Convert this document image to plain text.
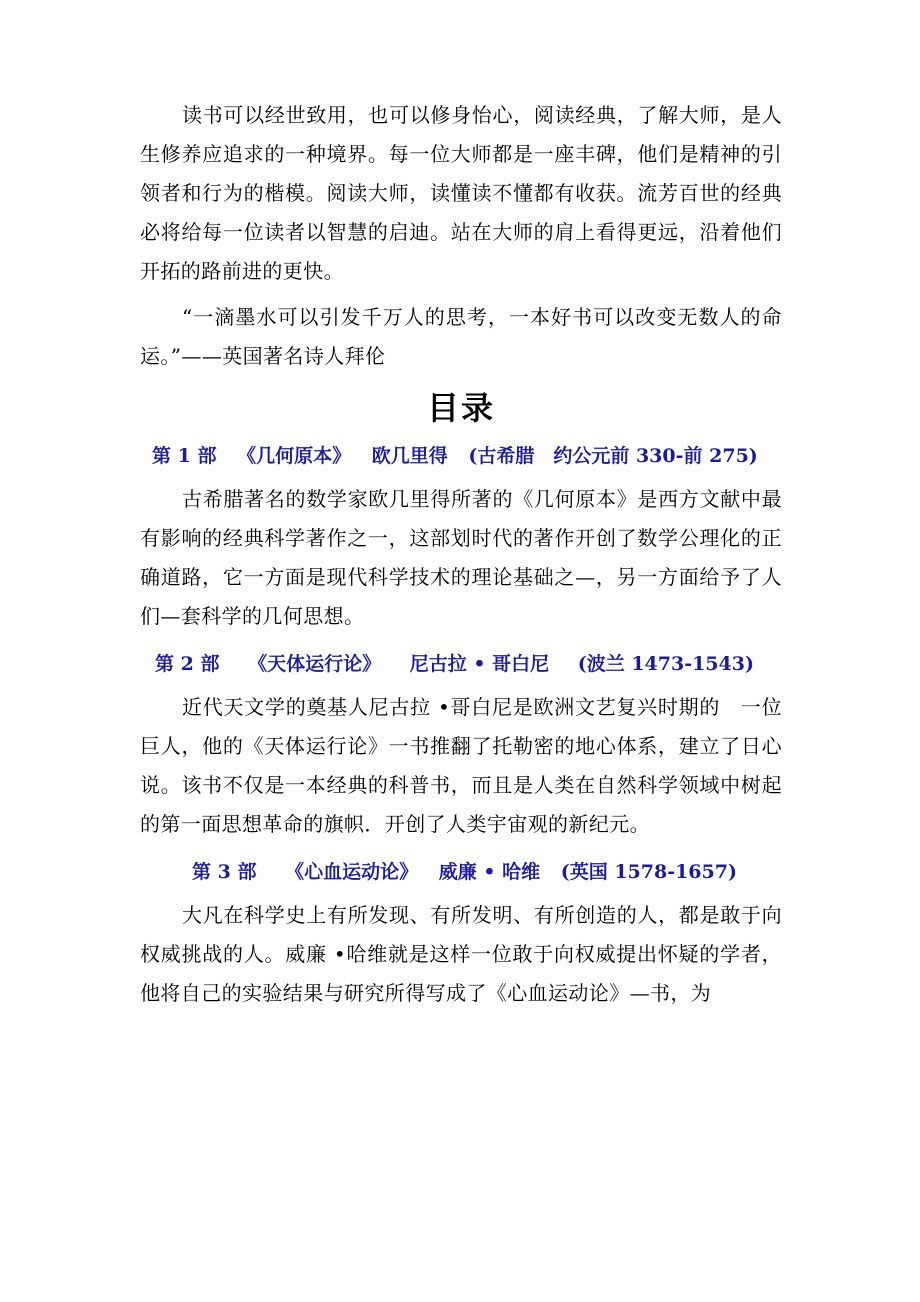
读书可以经世致用，也可以修身怡心，阅读经典，了解大师，是人生修养应追求的一种境界。每一位大师都是一座丰碑，他们是精神的引领者和行为的楷模。阅读大师，读懂读不懂都有收获。流芳百世的经典必将给每一位读者以智慧的启迪。站在大师的肩上看得更远，沿着他们开拓的路前进的更快。

“一滴墨水可以引发千万人的思考，一本好书可以改变无数人的命运。”——英国著名诗人拜伦

目录
第 1 部 《几何原本》 欧几里得 (古希腊　约公元前 330-前 275)

古希腊著名的数学家欧几里得所著的《几何原本》是西方文献中最有影响的经典科学著作之一，这部划时代的著作开创了数学公理化的正确道路，它一方面是现代科学技术的理论基础之—，另一方面给予了人们—套科学的几何思想。

第 2 部 《天体运行论》 尼古拉 • 哥白尼 (波兰 1473-1543)

近代天文学的奠基人尼古拉 •哥白尼是欧洲文艺复兴时期的　一位巨人，他的《天体运行论》一书推翻了托勒密的地心体系，建立了日心说。该书不仅是一本经典的科普书，而且是人类在自然科学领域中树起的第一面思想革命的旗帜．开创了人类宇宙观的新纪元。

第 3 部 《心血运动论》 威廉 • 哈维 (英国 1578-1657)

大凡在科学史上有所发现、有所发明、有所创造的人，都是敢于向权威挑战的人。威廉 •哈维就是这样一位敢于向权威提出怀疑的学者，他将自己的实验结果与研究所得写成了《心血运动论》—书，为
